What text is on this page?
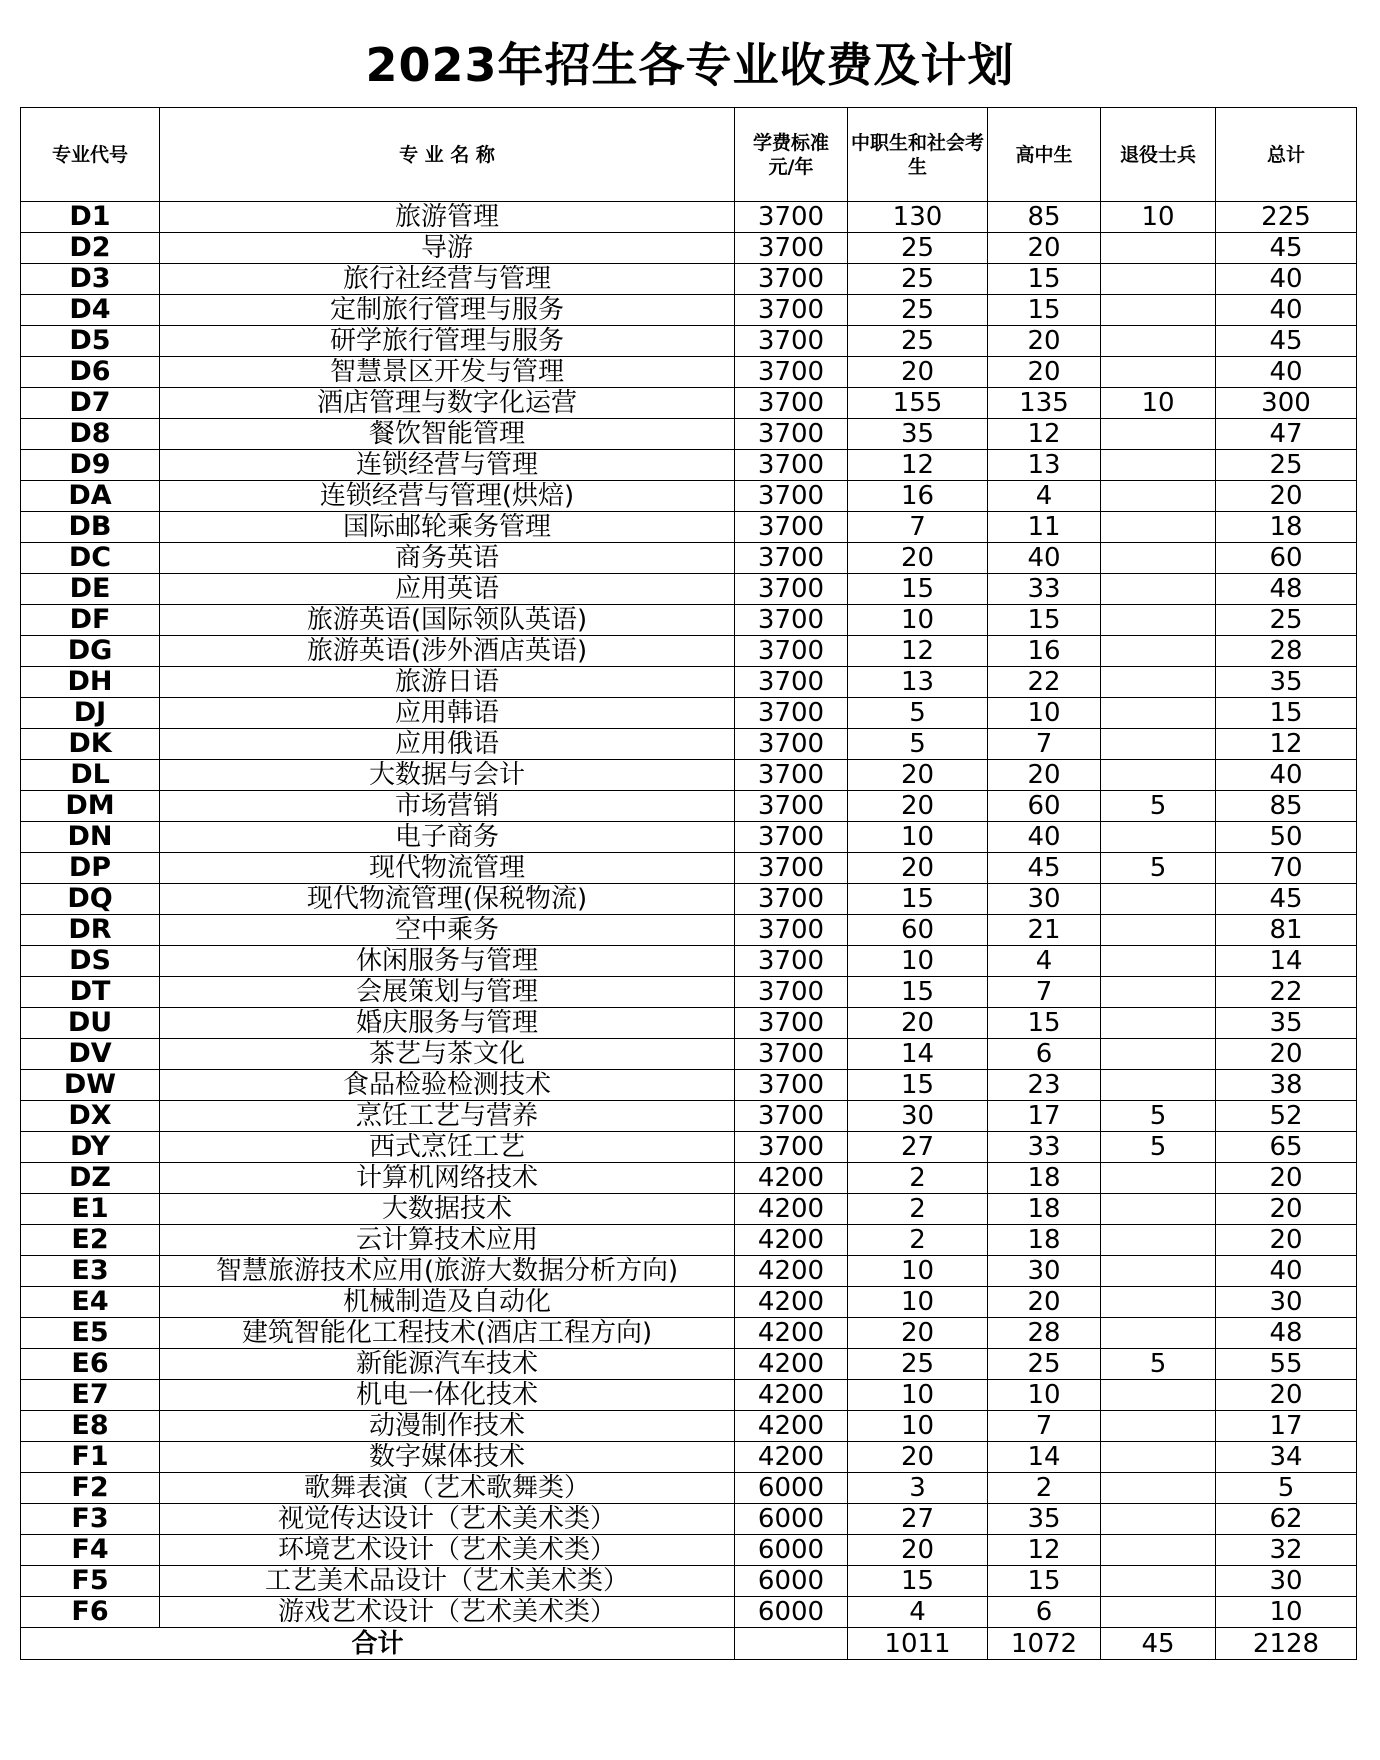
2023年招生各专业收费及计划
专业代号	专 业 名 称	学费标准元/年	中职生和社会考生	高中生	退役士兵	总计
D1	旅游管理	3700	130	85	10	225
D2	导游	3700	25	20		45
D3	旅行社经营与管理	3700	25	15		40
D4	定制旅行管理与服务	3700	25	15		40
D5	研学旅行管理与服务	3700	25	20		45
D6	智慧景区开发与管理	3700	20	20		40
D7	酒店管理与数字化运营	3700	155	135	10	300
D8	餐饮智能管理	3700	35	12		47
D9	连锁经营与管理	3700	12	13		25
DA	连锁经营与管理(烘焙)	3700	16	4		20
DB	国际邮轮乘务管理	3700	7	11		18
DC	商务英语	3700	20	40		60
DE	应用英语	3700	15	33		48
DF	旅游英语(国际领队英语)	3700	10	15		25
DG	旅游英语(涉外酒店英语)	3700	12	16		28
DH	旅游日语	3700	13	22		35
DJ	应用韩语	3700	5	10		15
DK	应用俄语	3700	5	7		12
DL	大数据与会计	3700	20	20		40
DM	市场营销	3700	20	60	5	85
DN	电子商务	3700	10	40		50
DP	现代物流管理	3700	20	45	5	70
DQ	现代物流管理(保税物流)	3700	15	30		45
DR	空中乘务	3700	60	21		81
DS	休闲服务与管理	3700	10	4		14
DT	会展策划与管理	3700	15	7		22
DU	婚庆服务与管理	3700	20	15		35
DV	茶艺与茶文化	3700	14	6		20
DW	食品检验检测技术	3700	15	23		38
DX	烹饪工艺与营养	3700	30	17	5	52
DY	西式烹饪工艺	3700	27	33	5	65
DZ	计算机网络技术	4200	2	18		20
E1	大数据技术	4200	2	18		20
E2	云计算技术应用	4200	2	18		20
E3	智慧旅游技术应用(旅游大数据分析方向)	4200	10	30		40
E4	机械制造及自动化	4200	10	20		30
E5	建筑智能化工程技术(酒店工程方向)	4200	20	28		48
E6	新能源汽车技术	4200	25	25	5	55
E7	机电一体化技术	4200	10	10		20
E8	动漫制作技术	4200	10	7		17
F1	数字媒体技术	4200	20	14		34
F2	歌舞表演（艺术歌舞类）	6000	3	2		5
F3	视觉传达设计（艺术美术类）	6000	27	35		62
F4	环境艺术设计（艺术美术类）	6000	20	12		32
F5	工艺美术品设计（艺术美术类）	6000	15	15		30
F6	游戏艺术设计（艺术美术类）	6000	4	6		10
合计			1011	1072	45	2128
